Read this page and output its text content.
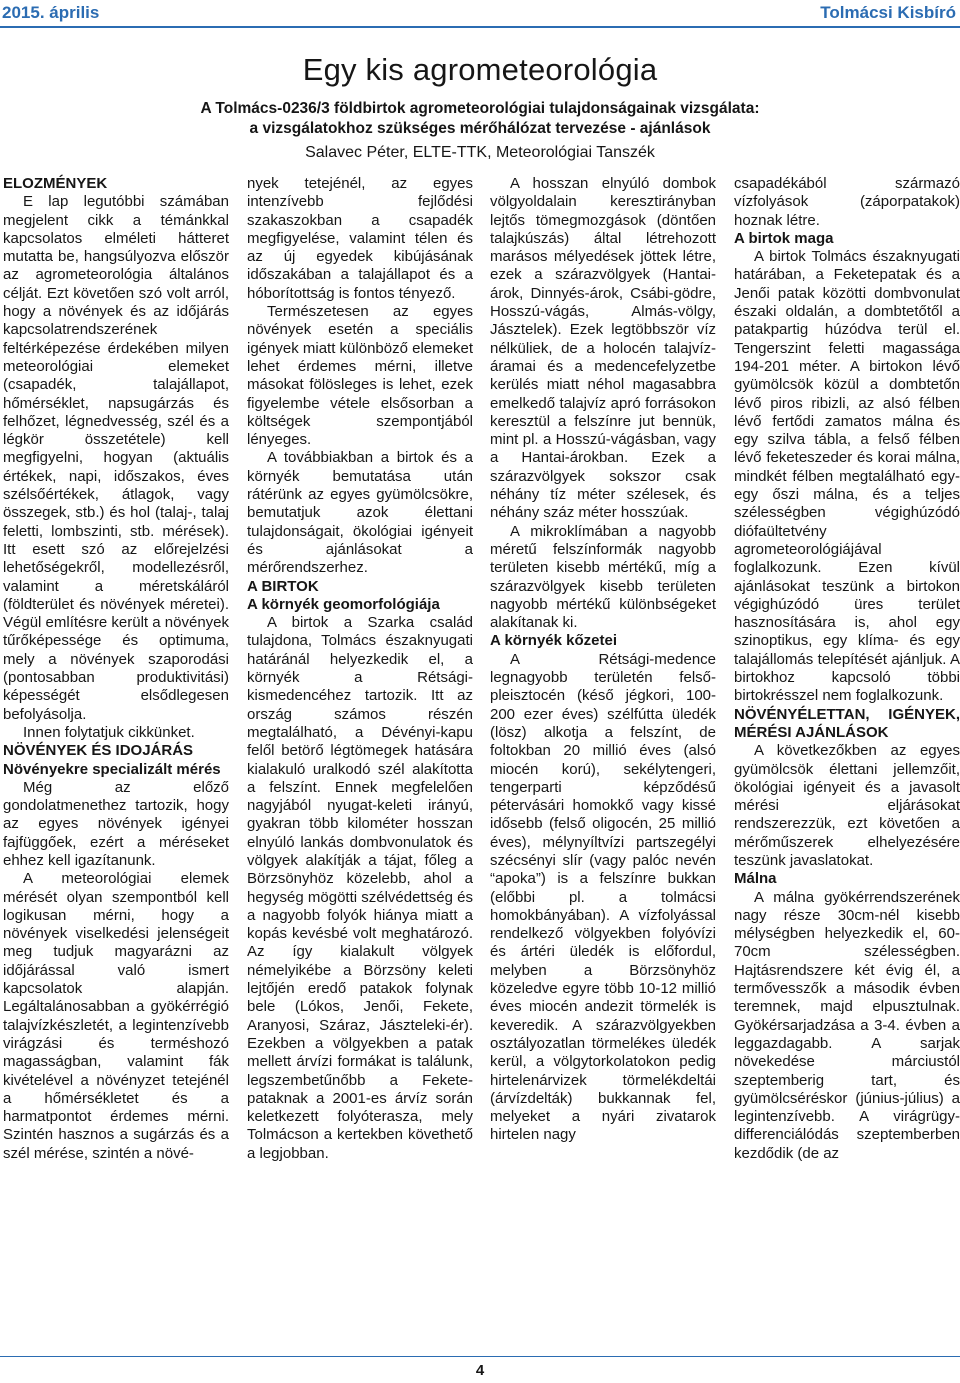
2015. április	Tolmácsi Kisbíró
Egy kis agrometeorológia
A Tolmács-0236/3 földbirtok agrometeorológiai tulajdonságainak vizsgálata:
a vizsgálatokhoz szükséges mérőhálózat tervezése - ajánlások
Salavec Péter, ELTE-TTK, Meteorológiai Tanszék

ELOZMÉNYEK

E lap legutóbbi számában megjelent cikk a témánkkal kapcsolatos elméleti hátteret mutatta be, hangsúlyozva először az agrometeorológia általános célját. Ezt követően szó volt arról, hogy a növények és az időjárás kapcsolatrendszerének feltérképezése érdekében milyen meteorológiai elemeket (csapadék, talajállapot, hőmérséklet, napsugárzás és felhőzet, légnedvesség, szél és a légkör összetétele) kell megfigyelni, hogyan (aktuális értékek, napi, időszakos, éves szélsőértékek, átlagok, vagy összegek, stb.) és hol (talaj-, talaj feletti, lombszinti, stb. mérések). Itt esett szó az előrejelzési lehetőségekről, modellezésről, valamint a méretskáláról (földterület és növények méretei). Végül említésre került a növények tűrőképessége és optimuma, mely a növények szaporodási (pontosabban produktivitási) képességét elsődlegesen befolyásolja.

Innen folytatjuk cikkünket.

NÖVÉNYEK ÉS IDOJÁRÁS

Növényekre specializált mérés

Még az előző gondolatmenethez tartozik, hogy az egyes növények igényei fajfüggőek, ezért a méréseket ehhez kell igazítanunk.

A meteorológiai elemek mérését olyan szempontból kell logikusan mérni, hogy a növények viselkedési jelenségeit meg tudjuk magyarázni az időjárással való ismert kapcsolatok alapján. Legáltalánosabban a gyökérrégió talajvízkészletét, a legintenzívebb virágzási és terméshozó magasságban, valamint fák kivételével a növényzet tetejénél a hőmérsékletet és a harmatpontot érdemes mérni. Szintén hasznos a sugárzás és a szél mérése, szintén a növé-

nyek tetejénél, az egyes intenzívebb fejlődési szakaszokban a csapadék megfigyelése, valamint télen és az új egyedek kibújásának időszakában a talajállapot és a hóborítottság is fontos tényező.

Természetesen az egyes növények esetén a speciális igények miatt különböző elemeket lehet érdemes mérni, illetve másokat fölösleges is lehet, ezek figyelembe vétele elsősorban a költségek szempontjából lényeges.

A továbbiakban a birtok és a környék bemutatása után rátérünk az egyes gyümölcsökre, bemutatjuk azok élettani tulajdonságait, ökológiai igényeit és ajánlásokat a mérőrendszerhez.

A BIRTOK

A környék geomorfológiája

A birtok a Szarka család tulajdona, Tolmács északnyugati határánál helyezkedik el, a környék a Rétsági-kismedencéhez tartozik. Itt az ország számos részén megtalálható, a Dévényi-kapu felől betörő légtömegek hatására kialakuló uralkodó szél alakította a felszínt. Ennek megfelelően nagyjából nyugat-keleti irányú, gyakran több kilométer hosszan elnyúló lankás dombvonulatok és völgyek alakítják a tájat, főleg a Börzsönyhöz közelebb, ahol a hegység mögötti szélvédettség és a nagyobb folyók hiánya miatt a kopás kevésbé volt meghatározó. Az így kialakult völgyek némelyikébe a Börzsöny keleti lejtőjén eredő patakok folynak bele (Lókos, Jenői, Fekete, Aranyosi, Száraz, Jászteleki-ér). Ezekben a völgyekben a patak mellett árvízi formákat is találunk, legszembetűnőbb a Fekete-pataknak a 2001-es árvíz során keletkezett folyóterasza, mely Tolmácson a kertekben követhető a legjobban.

A hosszan elnyúló dombok völgyoldalain keresztirányban lejtős tömegmozgások (döntően talajkúszás) által létrehozott marásos mélyedések jöttek létre, ezek a szárazvölgyek (Hantai-árok, Dinnyés-árok, Csábi-gödre, Hosszú-vágás, Almás-völgy, Jásztelek). Ezek legtöbbször víz nélküliek, de a holocén talajvíz-áramai és a medencefelyzetbe kerülés miatt néhol magasabbra emelkedő talajvíz apró forrásokon keresztül a felszínre jut bennük, mint pl. a Hosszú-vágásban, vagy a Hantai-árokban. Ezek a szárazvölgyek sokszor csak néhány tíz méter szélesek, és néhány száz méter hosszúak.

A mikroklímában a nagyobb méretű felszínformák nagyobb területen kisebb mértékű, míg a szárazvölgyek kisebb területen nagyobb mértékű különbségeket alakítanak ki.

A környék kőzetei

A Rétsági-medence legnagyobb területén felső-pleisztocén (késő jégkori, 100-200 ezer éves) szélfútta üledék (lösz) alkotja a felszínt, de foltokban 20 millió éves (alsó miocén korú), sekélytengeri, tengerparti képződésű pétervásári homokkő vagy kissé idősebb (felső oligocén, 25 millió éves), mélynyíltvízi partszegélyi szécsényi slír (vagy palóc nevén “apoka”) is a felszínre bukkan (előbbi pl. a tolmácsi homokbányában). A vízfolyással rendelkező völgyekben folyóvízi és ártéri üledék is előfordul, melyben a Börzsönyhöz közeledve egyre több 10-12 millió éves miocén andezit törmelék is keveredik. A szárazvölgyekben osztályozatlan törmelékes üledék kerül, a völgytorkolatokon pedig hirtelenárvizek törmelékdeltái (árvízdelták) bukkannak fel, melyeket a nyári zivatarok hirtelen nagy

csapadékából származó vízfolyások (záporpatakok) hoznak létre.

A birtok maga

A birtok Tolmács északnyugati határában, a Feketepatak és a Jenői patak közötti dombvonulat északi oldalán, a dombtetőtől a patakpartig húzódva terül el. Tengerszint feletti magassága 194-201 méter. A birtokon lévő gyümölcsök közül a dombtetőn lévő piros ribizli, az alsó félben lévő fertődi zamatos málna és egy szilva tábla, a felső félben lévő feketeszeder és korai málna, mindkét félben megtalálható egy-egy őszi málna, és a teljes szélességben végighúzódó diófaültetvény agrometeorológiájával foglalkozunk. Ezen kívül ajánlásokat teszünk a birtokon végighúzódó üres terület hasznosítására is, ahol egy szinoptikus, egy klíma- és egy talajállomás telepítését ajánljuk. A birtokhoz kapcsoló többi birtokrésszel nem foglalkozunk.

NÖVÉNYÉLETTAN, IGÉNYEK, MÉRÉSI AJÁNLÁSOK

A következőkben az egyes gyümölcsök élettani jellemzőit, ökológiai igényeit és a javasolt mérési eljárásokat rendszerezzük, ezt követően a mérőműszerek elhelyezésére teszünk javaslatokat.

Málna

A málna gyökérrendszerének nagy része 30cm-nél kisebb mélységben helyezkedik el, 60-70cm szélességben. Hajtásrendszere két évig él, a termővesszők a második évben teremnek, majd elpusztulnak. Gyökérsarjadzása a 3-4. évben a leggazdagabb. A sarjak növekedése márciustól szeptemberig tart, és gyümölcséréskor (június-július) a legintenzívebb. A virágrügy-differenciálódás szeptemberben kezdődik (de az

4
